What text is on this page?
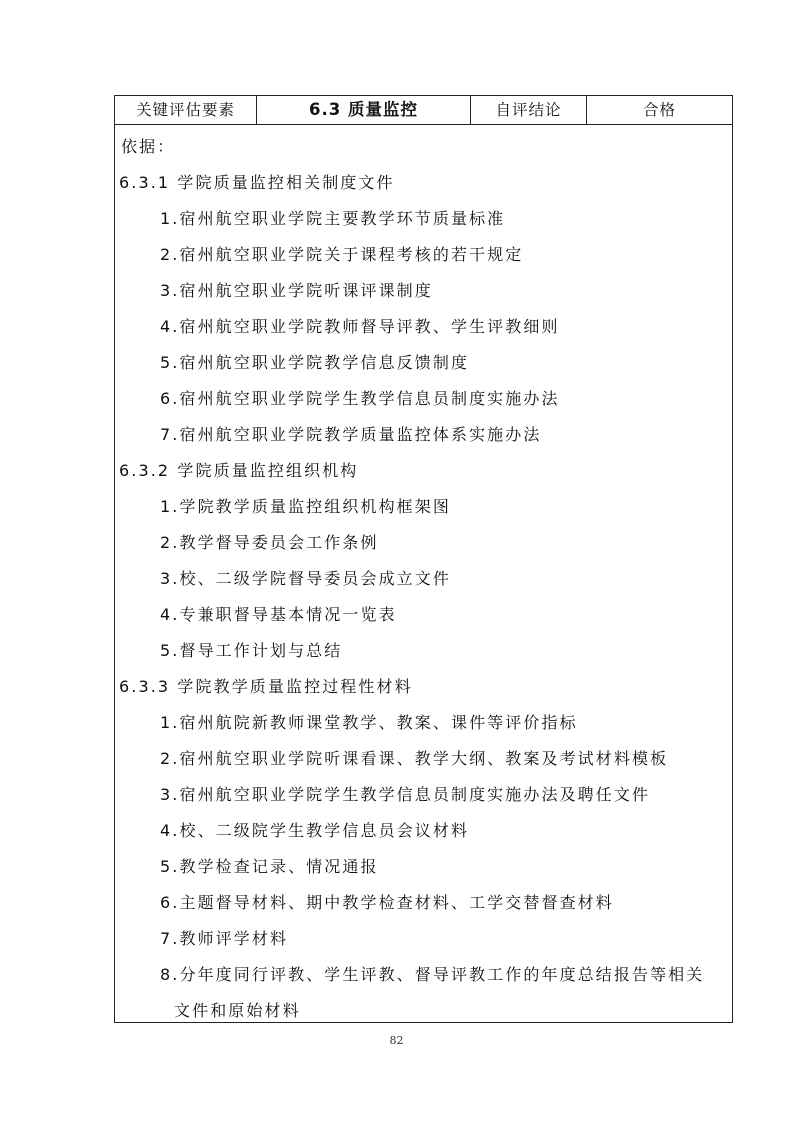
关键评估要素	6.3 质量监控	自评结论	合格
依据：
6.3.1 学院质量监控相关制度文件
1.宿州航空职业学院主要教学环节质量标准
2.宿州航空职业学院关于课程考核的若干规定
3.宿州航空职业学院听课评课制度
4.宿州航空职业学院教师督导评教、学生评教细则
5.宿州航空职业学院教学信息反馈制度
6.宿州航空职业学院学生教学信息员制度实施办法
7.宿州航空职业学院教学质量监控体系实施办法
6.3.2 学院质量监控组织机构
1.学院教学质量监控组织机构框架图
2.教学督导委员会工作条例
3.校、二级学院督导委员会成立文件
4.专兼职督导基本情况一览表
5.督导工作计划与总结
6.3.3 学院教学质量监控过程性材料
1.宿州航院新教师课堂教学、教案、课件等评价指标
2.宿州航空职业学院听课看课、教学大纲、教案及考试材料模板
3.宿州航空职业学院学生教学信息员制度实施办法及聘任文件
4.校、二级院学生教学信息员会议材料
5.教学检查记录、情况通报
6.主题督导材料、期中教学检查材料、工学交替督查材料
7.教师评学材料
8.分年度同行评教、学生评教、督导评教工作的年度总结报告等相关
文件和原始材料
82
